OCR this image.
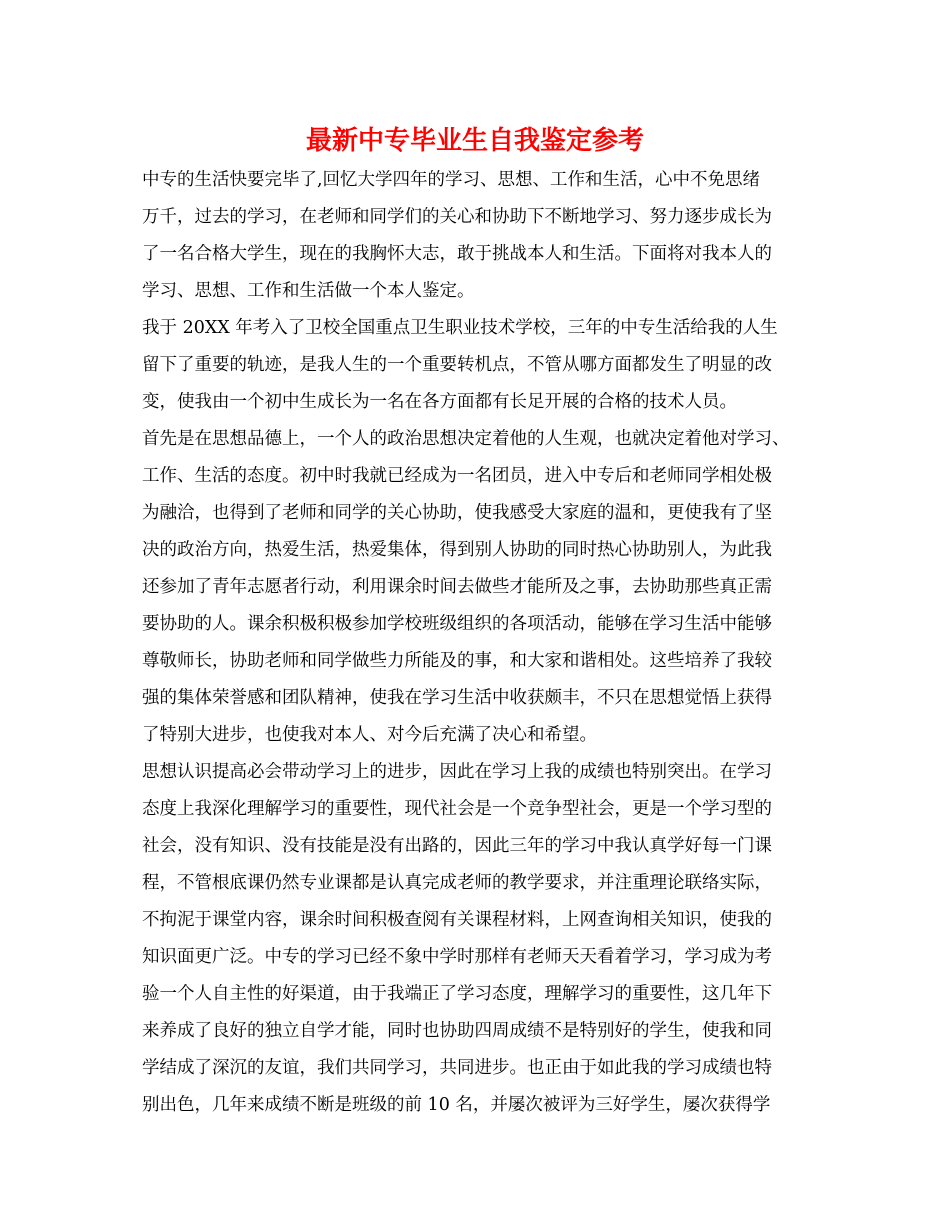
最新中专毕业生自我鉴定参考
中专的生活快要完毕了,回忆大学四年的学习、思想、工作和生活，心中不免思绪
万千，过去的学习，在老师和同学们的关心和协助下不断地学习、努力逐步成长为
了一名合格大学生，现在的我胸怀大志，敢于挑战本人和生活。下面将对我本人的
学习、思想、工作和生活做一个本人鉴定。
我于 20XX 年考入了卫校全国重点卫生职业技术学校，三年的中专生活给我的人生
留下了重要的轨迹，是我人生的一个重要转机点，不管从哪方面都发生了明显的改
变，使我由一个初中生成长为一名在各方面都有长足开展的合格的技术人员。
首先是在思想品德上，一个人的政治思想决定着他的人生观，也就决定着他对学习、
工作、生活的态度。初中时我就已经成为一名团员，进入中专后和老师同学相处极
为融洽，也得到了老师和同学的关心协助，使我感受大家庭的温和，更使我有了坚
决的政治方向，热爱生活，热爱集体，得到别人协助的同时热心协助别人，为此我
还参加了青年志愿者行动，利用课余时间去做些才能所及之事，去协助那些真正需
要协助的人。课余积极积极参加学校班级组织的各项活动，能够在学习生活中能够
尊敬师长，协助老师和同学做些力所能及的事，和大家和谐相处。这些培养了我较
强的集体荣誉感和团队精神，使我在学习生活中收获颇丰，不只在思想觉悟上获得
了特别大进步，也使我对本人、对今后充满了决心和希望。
思想认识提高必会带动学习上的进步，因此在学习上我的成绩也特别突出。在学习
态度上我深化理解学习的重要性，现代社会是一个竞争型社会，更是一个学习型的
社会，没有知识、没有技能是没有出路的，因此三年的学习中我认真学好每一门课
程，不管根底课仍然专业课都是认真完成老师的教学要求，并注重理论联络实际，
不拘泥于课堂内容，课余时间积极查阅有关课程材料，上网查询相关知识，使我的
知识面更广泛。中专的学习已经不象中学时那样有老师天天看着学习，学习成为考
验一个人自主性的好渠道，由于我端正了学习态度，理解学习的重要性，这几年下
来养成了良好的独立自学才能，同时也协助四周成绩不是特别好的学生，使我和同
学结成了深沉的友谊，我们共同学习，共同进步。也正由于如此我的学习成绩也特
别出色，几年来成绩不断是班级的前 10 名，并屡次被评为三好学生，屡次获得学
